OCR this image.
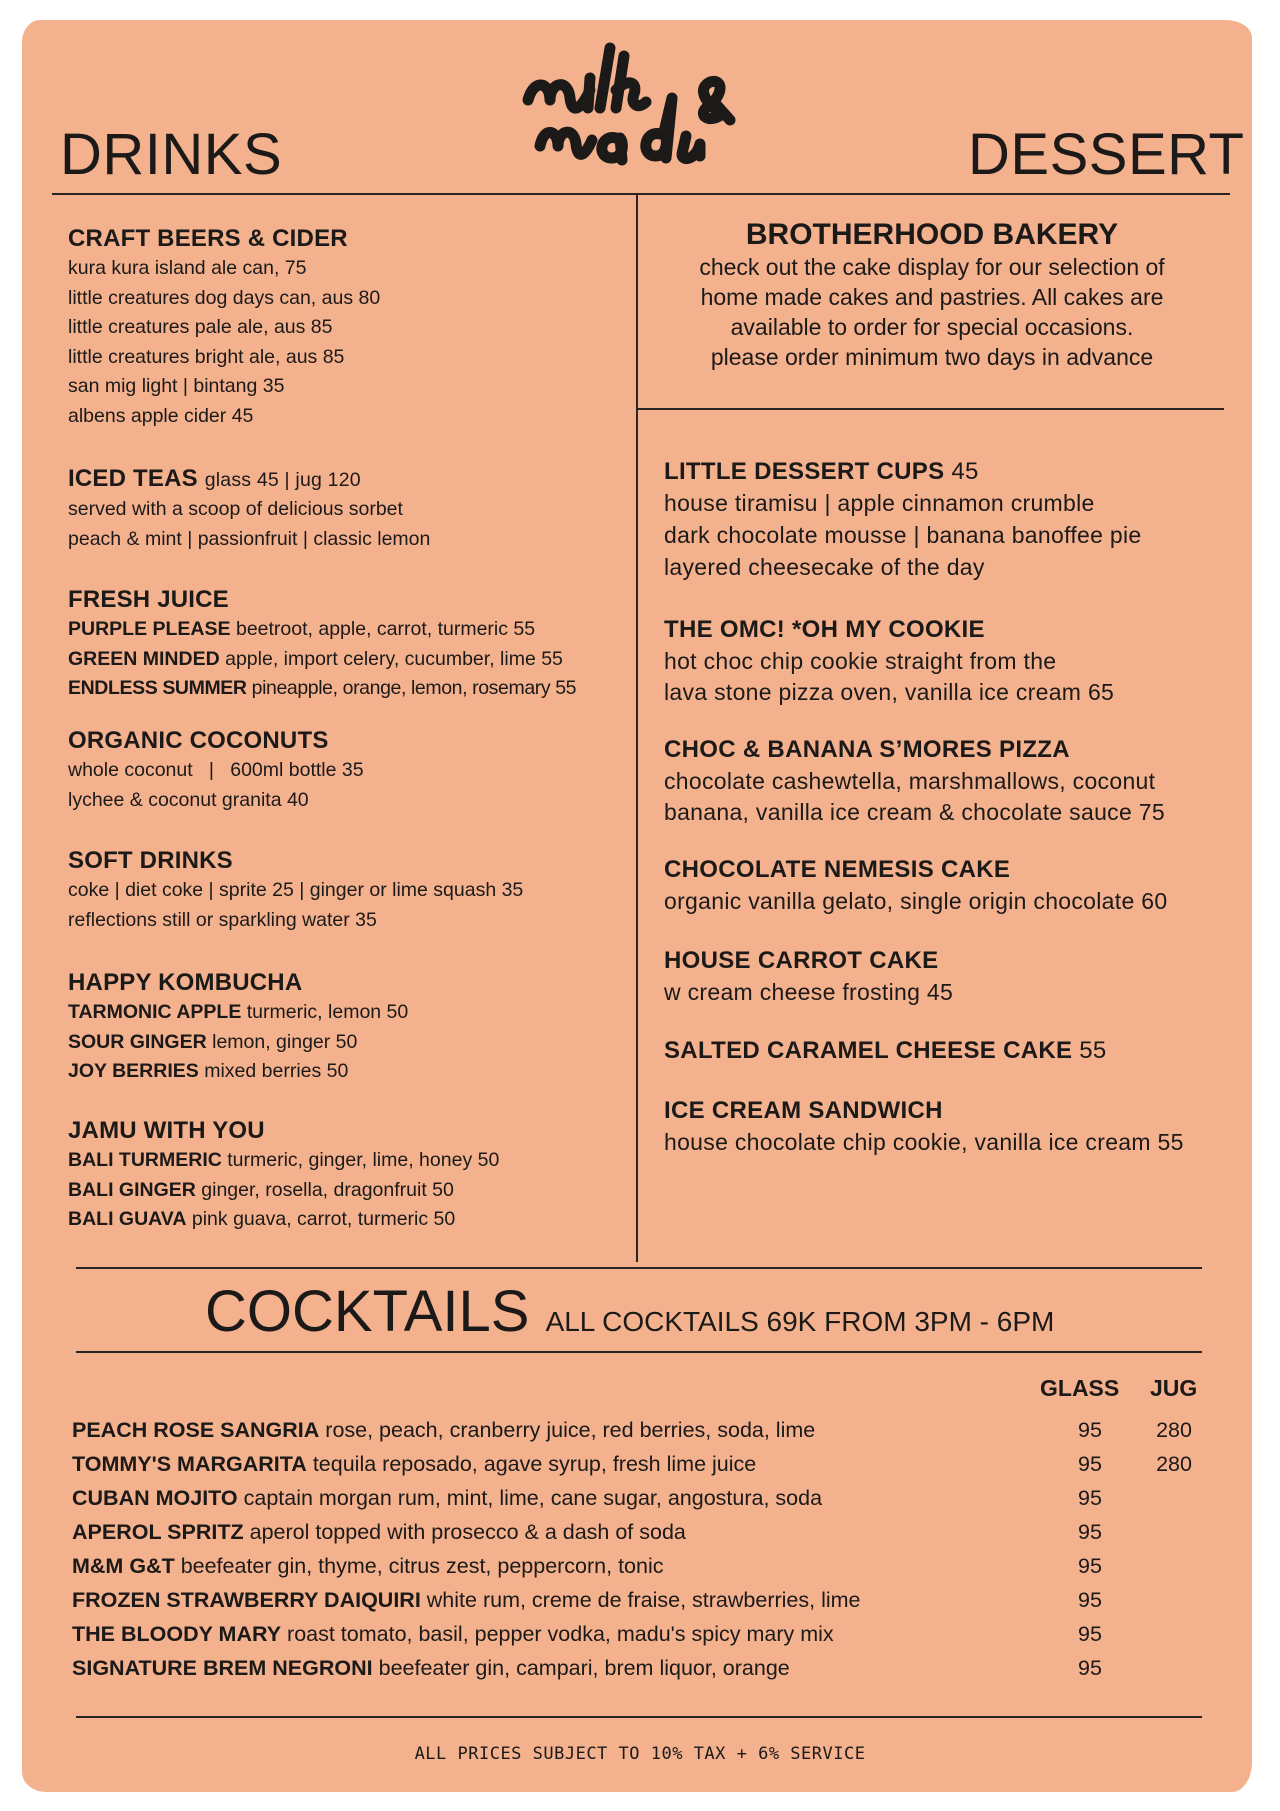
DRINKS	DESSERT
Milk & Madu

CRAFT BEERS & CIDER

kura kura island ale can, 75

little creatures dog days can, aus 80

little creatures pale ale, aus 85

little creatures bright ale, aus 85

san mig light | bintang 35

albens apple cider 45

ICED TEAS glass 45 | jug 120

served with a scoop of delicious sorbet

peach & mint | passionfruit | classic lemon

FRESH JUICE

PURPLE PLEASE beetroot, apple, carrot, turmeric 55

GREEN MINDED apple, import celery, cucumber, lime 55

ENDLESS SUMMER pineapple, orange, lemon, rosemary 55

ORGANIC COCONUTS

whole coconut   |   600ml bottle 35

lychee & coconut granita 40

SOFT DRINKS

coke | diet coke | sprite 25 | ginger or lime squash 35

reflections still or sparkling water 35

HAPPY KOMBUCHA

TARMONIC APPLE turmeric, lemon 50

SOUR GINGER lemon, ginger 50

JOY BERRIES mixed berries 50

JAMU WITH YOU

BALI TURMERIC turmeric, ginger, lime, honey 50

BALI GINGER ginger, rosella, dragonfruit 50

BALI GUAVA pink guava, carrot, turmeric 50

BROTHERHOOD BAKERY

check out the cake display for our selection of

home made cakes and pastries. All cakes are

available to order for special occasions.

please order minimum two days in advance

LITTLE DESSERT CUPS 45

house tiramisu | apple cinnamon crumble

dark chocolate mousse | banana banoffee pie

layered cheesecake of the day

THE OMC! *OH MY COOKIE

hot choc chip cookie straight from the

lava stone pizza oven, vanilla ice cream 65

CHOC & BANANA S’MORES PIZZA

chocolate cashewtella, marshmallows, coconut

banana, vanilla ice cream & chocolate sauce 75

CHOCOLATE NEMESIS CAKE

organic vanilla gelato, single origin chocolate 60

HOUSE CARROT CAKE

w cream cheese frosting 45

SALTED CARAMEL CHEESE CAKE 55

ICE CREAM SANDWICH

house chocolate chip cookie, vanilla ice cream 55

COCKTAILS ALL COCKTAILS 69K FROM 3PM - 6PM
GLASS JUG
PEACH ROSE SANGRIA rose, peach, cranberry juice, red berries, soda, lime	95	280
TOMMY'S MARGARITA tequila reposado, agave syrup, fresh lime juice	95	280
CUBAN MOJITO captain morgan rum, mint, lime, cane sugar, angostura, soda	95
APEROL SPRITZ aperol topped with prosecco & a dash of soda	95
M&M G&T beefeater gin, thyme, citrus zest, peppercorn, tonic	95
FROZEN STRAWBERRY DAIQUIRI white rum, creme de fraise, strawberries, lime	95
THE BLOODY MARY roast tomato, basil, pepper vodka, madu's spicy mary mix	95
SIGNATURE BREM NEGRONI beefeater gin, campari, brem liquor, orange	95
ALL PRICES SUBJECT TO 10% TAX + 6% SERVICE
